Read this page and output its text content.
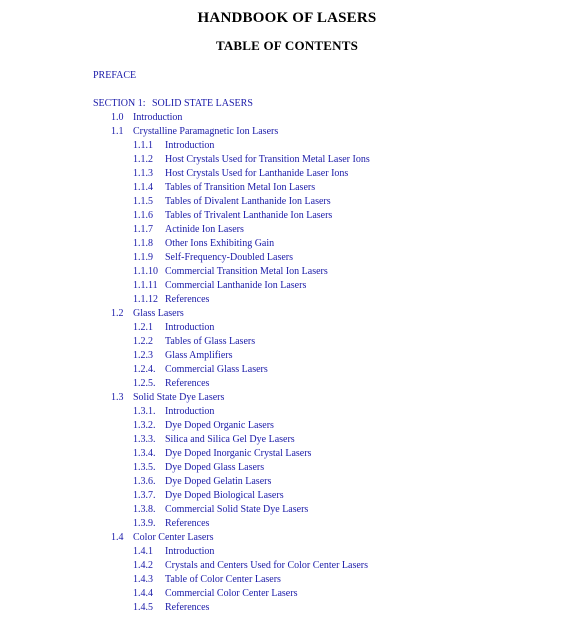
HANDBOOK OF LASERS
TABLE OF CONTENTS
PREFACE
SECTION 1: SOLID STATE LASERS
1.0 Introduction
1.1 Crystalline Paramagnetic Ion Lasers
1.1.1 Introduction
1.1.2 Host Crystals Used for Transition Metal Laser Ions
1.1.3 Host Crystals Used for Lanthanide Laser Ions
1.1.4 Tables of Transition Metal Ion Lasers
1.1.5 Tables of Divalent Lanthanide Ion Lasers
1.1.6 Tables of Trivalent Lanthanide Ion Lasers
1.1.7 Actinide Ion Lasers
1.1.8 Other Ions Exhibiting Gain
1.1.9 Self-Frequency-Doubled Lasers
1.1.10 Commercial Transition Metal Ion Lasers
1.1.11 Commercial Lanthanide Ion Lasers
1.1.12 References
1.2 Glass Lasers
1.2.1 Introduction
1.2.2 Tables of Glass Lasers
1.2.3 Glass Amplifiers
1.2.4. Commercial Glass Lasers
1.2.5. References
1.3 Solid State Dye Lasers
1.3.1. Introduction
1.3.2. Dye Doped Organic Lasers
1.3.3. Silica and Silica Gel Dye Lasers
1.3.4. Dye Doped Inorganic Crystal Lasers
1.3.5. Dye Doped Glass Lasers
1.3.6. Dye Doped Gelatin Lasers
1.3.7. Dye Doped Biological Lasers
1.3.8. Commercial Solid State Dye Lasers
1.3.9. References
1.4 Color Center Lasers
1.4.1 Introduction
1.4.2 Crystals and Centers Used for Color Center Lasers
1.4.3 Table of Color Center Lasers
1.4.4 Commercial Color Center Lasers
1.4.5 References
